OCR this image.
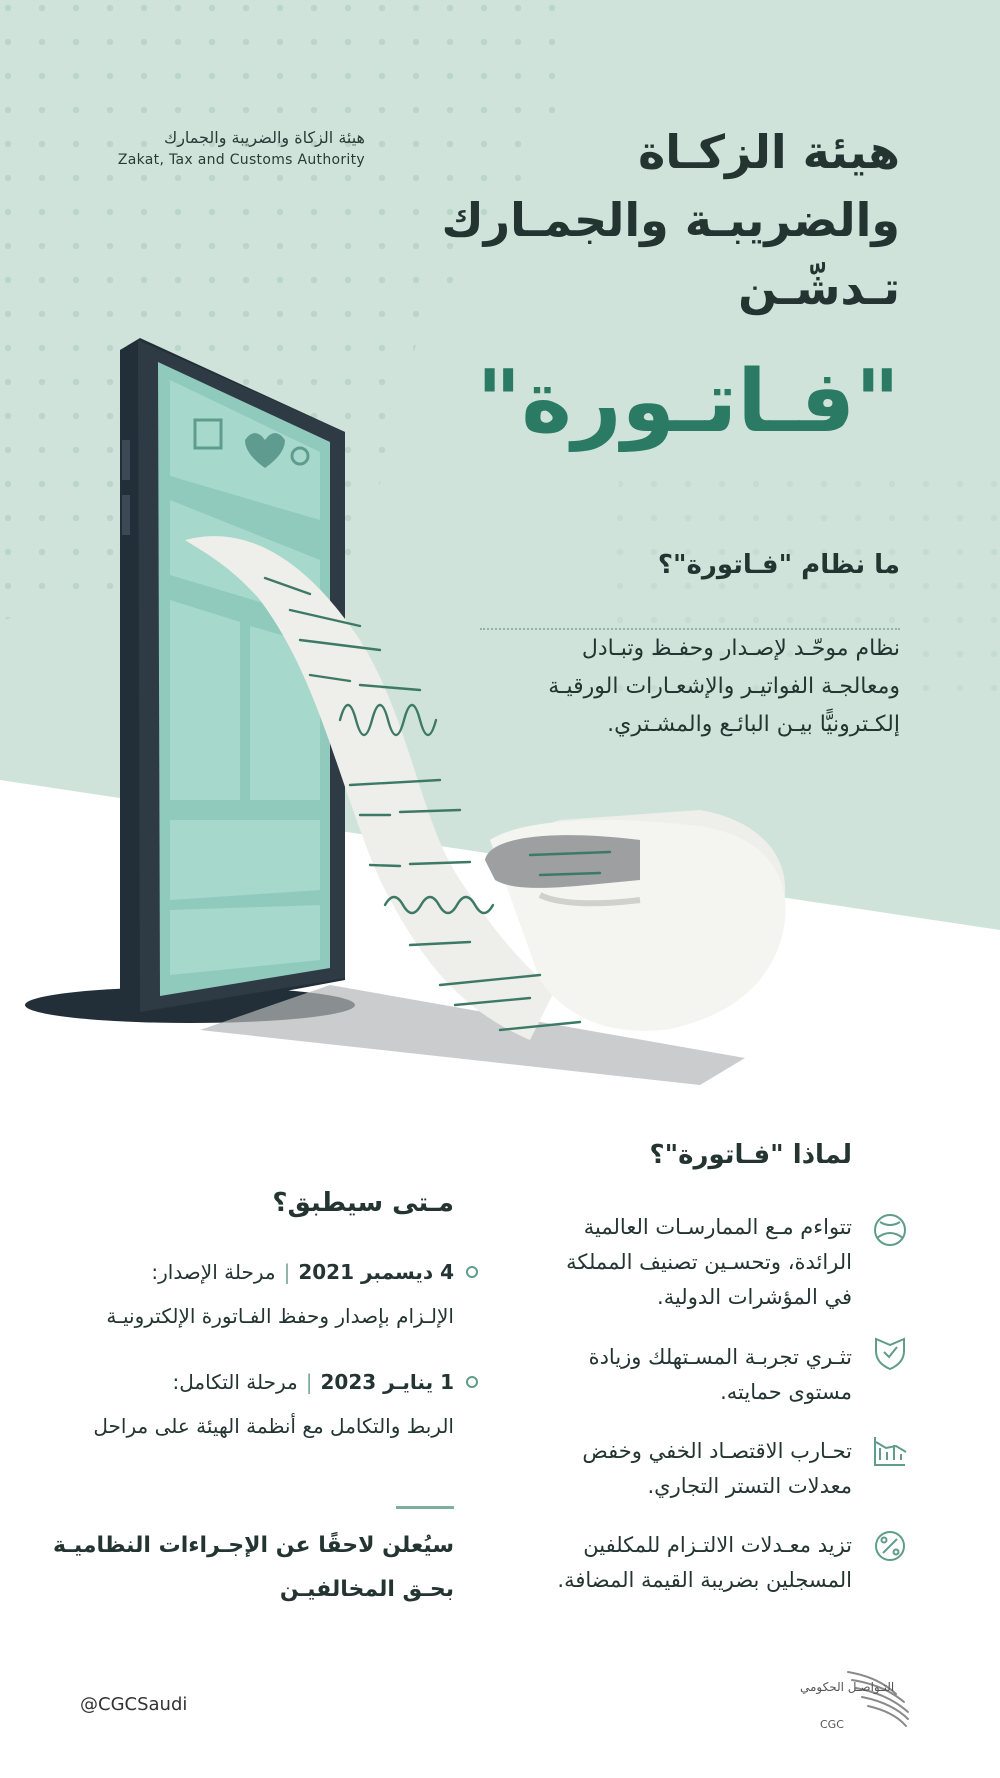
هيئة الزكاة والضريبة والجمارك
Zakat, Tax and Customs Authority	هيئة الزكـاة
والضريبـة والجمـارك
تـدشّـن
"فـاتـورة"
ما نظام "فـاتورة"؟
نظام موحّـد لإصـدار وحفـظ وتبـادل
ومعالجـة الفواتيـر والإشعـارات الورقيـة
إلكـترونيًّا بيـن البائـع والمشـتري.
لماذا "فـاتورة"؟
تتواءم مـع الممارسـات العالمية
الرائدة، وتحسـين تصنيف المملكة
في المؤشرات الدولية.
تثـري تجربـة المسـتهلك وزيادة
مستوى حمايته.
تحـارب الاقتصـاد الخفي وخفض
معدلات التستر التجاري.
تزيد معـدلات الالتـزام للمكلفين
المسجلين بضريبة القيمة المضافة.
مـتى سيطبق؟
4 ديسمبر 2021|مرحلة الإصدار:
الإلـزام بإصدار وحفظ الفـاتورة الإلكترونيـة
1 ينايـر 2023|مرحلة التكامل:
الربط والتكامل مع أنظمة الهيئة على مراحل
سيُعلن لاحقًا عن الإجـراءات النظاميـة
بحـق المخالفيـن
@CGCSaudi
التـواصـل الحكومي
CGC
